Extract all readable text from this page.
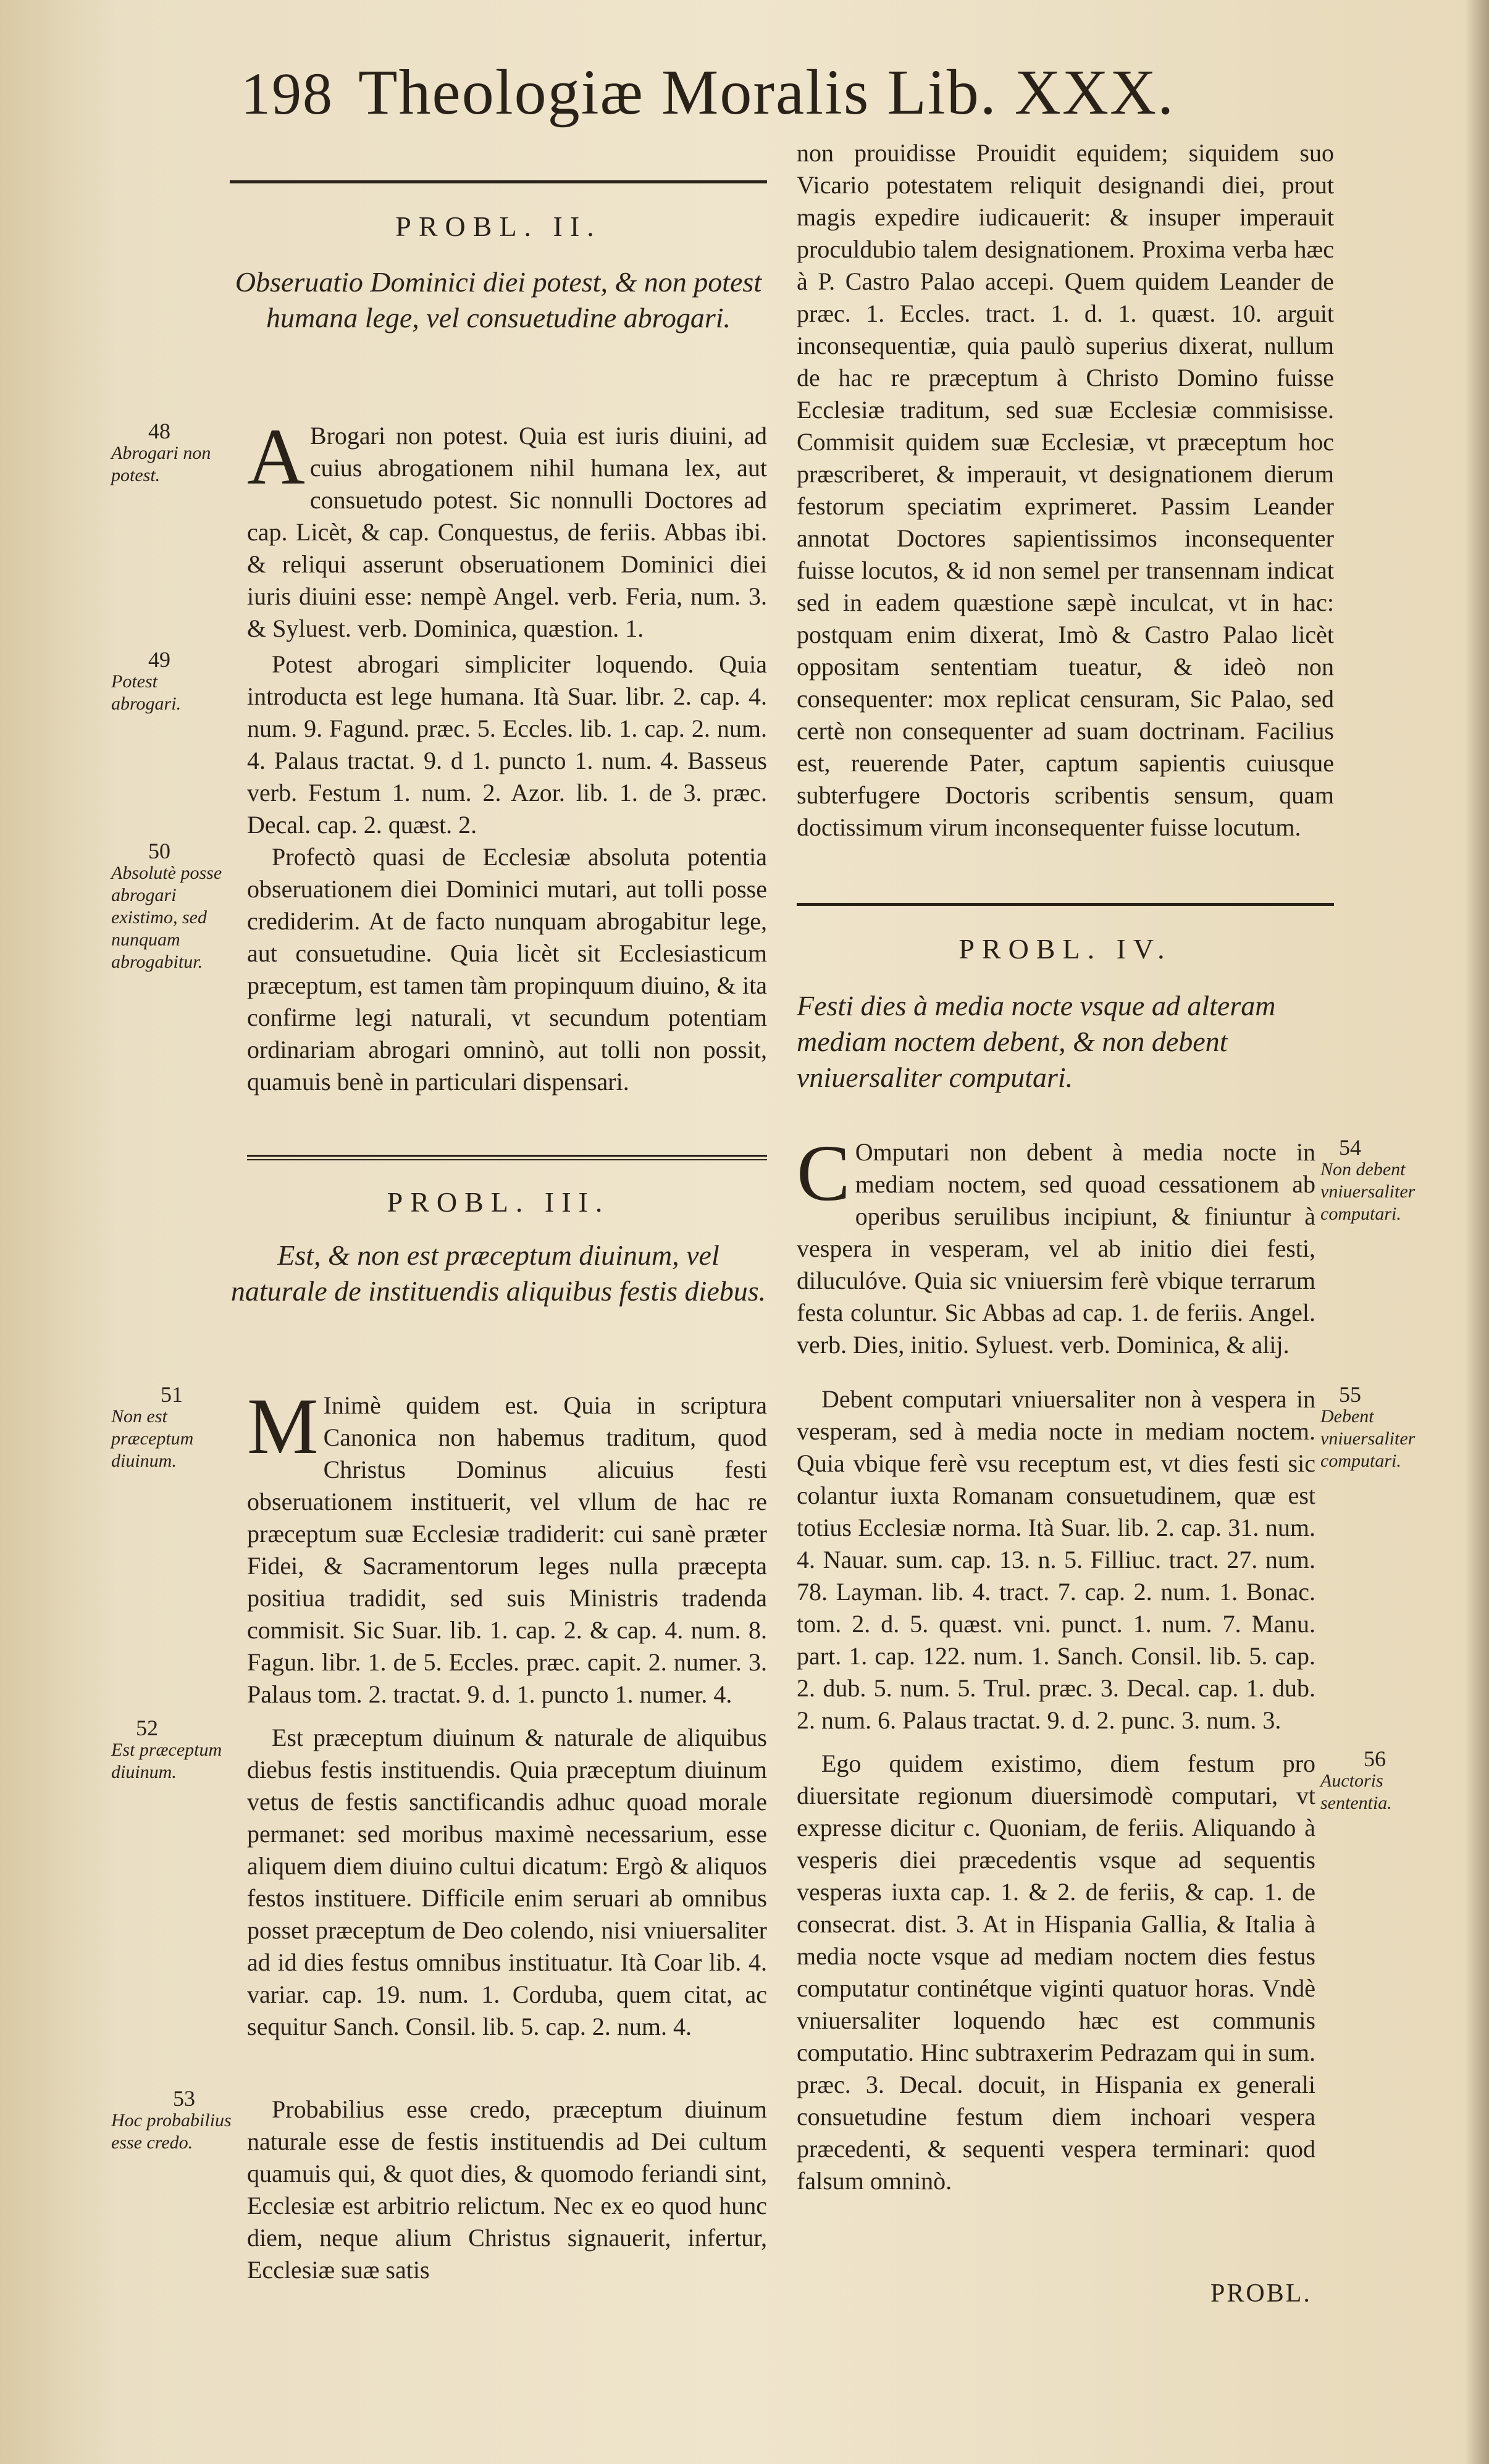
198 Theologiæ Moralis Lib. XXX.
PROBL. II.
Obseruatio Dominici diei potest, & non potest humana lege, vel consuetudine abrogari.
48
Abrogari non potest.	A Brogari non potest. Quia est iuris diuini, ad cuius abrogationem nihil humana lex, aut consuetudo potest. Sic nonnulli Doctores ad cap. Licèt, & cap. Conquestus, de feriis. Abbas ibi. & reliqui asserunt obseruationem Dominici diei iuris diuini esse: nempè Angel. verb. Feria, num. 3. & Syluest. verb. Dominica, quæstion. 1.
49
Potest abrogari.
Potest abrogari simpliciter loquendo. Quia introducta est lege humana. Ità Suar. libr. 2. cap. 4. num. 9. Fagund. præc. 5. Eccles. lib. 1. cap. 2. num. 4. Palaus tractat. 9. d 1. puncto 1. num. 4. Basseus verb. Festum 1. num. 2. Azor. lib. 1. de 3. præc. Decal. cap. 2. quæst. 2.
50
Absolutè posse abrogari existimo, sed nunquam abrogabitur.
Profectò quasi de Ecclesiæ absoluta potentia obseruationem diei Dominici mutari, aut tolli posse crediderim. At de facto nunquam abrogabitur lege, aut consuetudine. Quia licèt sit Ecclesiasticum præceptum, est tamen tàm propinquum diuino, & ita confirme legi naturali, vt secundum potentiam ordinariam abrogari omninò, aut tolli non possit, quamuis benè in particulari dispensari.
PROBL. III.
Est, & non est præceptum diuinum, vel naturale de instituendis aliquibus festis diebus.
51
Non est præceptum diuinum. M Inimè quidem est. Quia in scriptura Canonica non habemus traditum, quod Christus Dominus alicuius festi obseruationem instituerit, vel vllum de hac re præceptum suæ Ecclesiæ tradiderit: cui sanè præter Fidei, & Sacramentorum leges nulla præcepta positiua tradidit, sed suis Ministris tradenda commisit. Sic Suar. lib. 1. cap. 2. & cap. 4. num. 8. Fagun. libr. 1. de 5. Eccles. præc. capit. 2. numer. 3. Palaus tom. 2. tractat. 9. d. 1. puncto 1. numer. 4.
52
Est præceptum diuinum.
Est præceptum diuinum & naturale de aliquibus diebus festis instituendis. Quia præceptum diuinum vetus de festis sanctificandis adhuc quoad morale permanet: sed moribus maximè necessarium, esse aliquem diem diuino cultui dicatum: Ergò & aliquos festos instituere. Difficile enim seruari ab omnibus posset præceptum de Deo colendo, nisi vniuersaliter ad id dies festus omnibus instituatur. Ità Coar lib. 4. variar. cap. 19. num. 1. Corduba, quem citat, ac sequitur Sanch. Consil. lib. 5. cap. 2. num. 4.
53
Hoc probabilius esse credo.
Probabilius esse credo, præceptum diuinum naturale esse de festis instituendis ad Dei cultum quamuis qui, & quot dies, & quomodo feriandi sint, Ecclesiæ est arbitrio relictum. Nec ex eo quod hunc diem, neque alium Christus signauerit, infertur, Ecclesiæ suæ satis
non prouidisse Prouidit equidem; siquidem suo Vicario potestatem reliquit designandi diei, prout magis expedire iudicauerit: & insuper imperauit proculdubio talem designationem. Proxima verba hæc à P. Castro Palao accepi. Quem quidem Leander de præc. 1. Eccles. tract. 1. d. 1. quæst. 10. arguit inconsequentiæ, quia paulò superius dixerat, nullum de hac re præceptum à Christo Domino fuisse Ecclesiæ traditum, sed suæ Ecclesiæ commisisse. Commisit quidem suæ Ecclesiæ, vt præceptum hoc præscriberet, & imperauit, vt designationem dierum festorum speciatim exprimeret. Passim Leander annotat Doctores sapientissimos inconsequenter fuisse locutos, & id non semel per transennam indicat sed in eadem quæstione sæpè inculcat, vt in hac: postquam enim dixerat, Imò & Castro Palao licèt oppositam sententiam tueatur, & ideò non consequenter: mox replicat censuram, Sic Palao, sed certè non consequenter ad suam doctrinam. Facilius est, reuerende Pater, captum sapientis cuiusque subterfugere Doctoris scribentis sensum, quam doctissimum virum inconsequenter fuisse locutum.
PROBL. IV.
Festi dies à media nocte vsque ad alteram mediam noctem debent, & non debent vniuersaliter computari.
C Omputari non debent à media nocte in mediam noctem, sed quoad cessationem ab operibus seruilibus incipiunt, & finiuntur à vespera in vesperam, vel ab initio diei festi, diluculóve. Quia sic vniuersim ferè vbique terrarum festa coluntur. Sic Abbas ad cap. 1. de feriis. Angel. verb. Dies, initio. Syluest. verb. Dominica, & alij.
54
Non debent vniuersaliter computari.
Debent computari vniuersaliter non à vespera in vesperam, sed à media nocte in mediam noctem. Quia vbique ferè vsu receptum est, vt dies festi sic colantur iuxta Romanam consuetudinem, quæ est totius Ecclesiæ norma. Ità Suar. lib. 2. cap. 31. num. 4. Nauar. sum. cap. 13. n. 5. Filliuc. tract. 27. num. 78. Layman. lib. 4. tract. 7. cap. 2. num. 1. Bonac. tom. 2. d. 5. quæst. vni. punct. 1. num. 7. Manu. part. 1. cap. 122. num. 1. Sanch. Consil. lib. 5. cap. 2. dub. 5. num. 5. Trul. præc. 3. Decal. cap. 1. dub. 2. num. 6. Palaus tractat. 9. d. 2. punc. 3. num. 3.
55
Debent vniuersaliter computari.
Ego quidem existimo, diem festum pro diuersitate regionum diuersimodè computari, vt expresse dicitur c. Quoniam, de feriis. Aliquando à vesperis diei præcedentis vsque ad sequentis vesperas iuxta cap. 1. & 2. de feriis, & cap. 1. de consecrat. dist. 3. At in Hispania Gallia, & Italia à media nocte vsque ad mediam noctem dies festus computatur continétque viginti quatuor horas. Vndè vniuersaliter loquendo hæc est communis computatio. Hinc subtraxerim Pedrazam qui in sum. præc. 3. Decal. docuit, in Hispania ex generali consuetudine festum diem inchoari vespera præcedenti, & sequenti vespera terminari: quod falsum omninò.
56
Auctoris sententia.
PROBL.
